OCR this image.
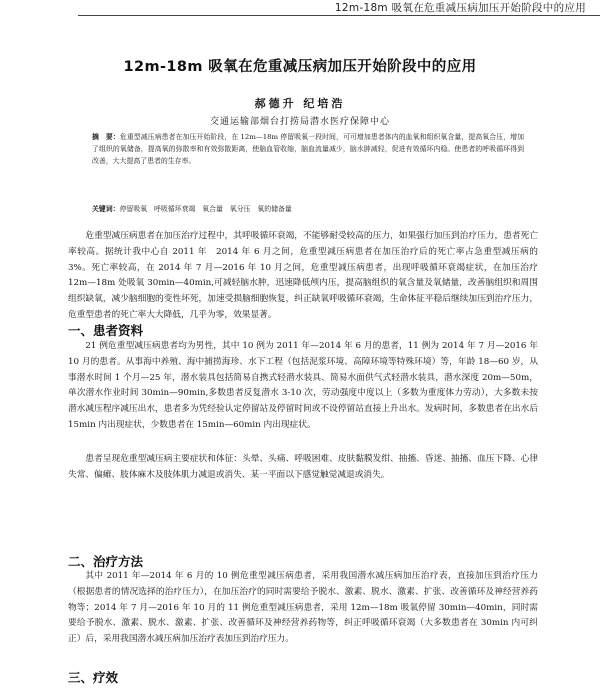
12m-18m 吸氧在危重减压病加压开始阶段中的应用
12m-18m 吸氧在危重减压病加压开始阶段中的应用
郝德升 纪培浩
交通运输部烟台打捞局潜水医疗保障中心
摘　要：危重型减压病患者在加压开始阶段，在 12m—18m 停留吸氧一段时间，可可增加患者体内的血氧和组织氧含量，提高氧合压，增加了组织的氧储备，提高氧的弥散率和有效弥散距离，使脑血管收缩，脑血流量减少，脑水肿减轻，促进有效循环内稳。使患者的呼吸循环得到改善，大大提高了患者的生存率。
关键词：停留吸氧　呼吸循环衰竭　氧合量　氧分压　氧的储备量

危重型减压病患者在加压治疗过程中，其呼吸循环衰竭，不能够耐受较高的压力，如果强行加压到治疗压力，患者死亡率较高。据统计我中心自 2011 年　2014 年 6 月之间，危重型减压病患者在加压治疗后的死亡率占急重型减压病的 3%。死亡率较高，在 2014 年 7 月—2016 年 10 月之间，危重型减压病患者，出现呼吸循环衰竭症状，在加压治疗 12m—18m 处吸氧 30min—40min,可减轻脑水肿，迅速降低颅内压，提高脑组织的氧含量及氧储量，改善脑组织和周围组织缺氧，减少脑细胞的变性坏死，加速受损脑细胞恢复，纠正缺氧呼吸循环衰竭，生命体征平稳后继续加压到治疗压力，危重型患者的死亡率大大降低，几乎为零，效果显著。

一、患者资料

21 例危重型减压病患者均为男性，其中 10 例为 2011 年—2014 年 6 月的患者，11 例为 2014 年 7 月—2016 年 10 月的患者。从事海中养殖、海中捕捞海珍、水下工程（包括泥浆环境、高障环境等特殊环境）等，年龄 18—60 岁，从事潜水时间 1 个月—25 年，潜水装具包括简易自携式轻潜水装具、简易水面供气式轻潜水装具，潜水深度 20m—50m，单次潜水作业时间 30min—90min,多数患者反复潜水 3-10 次，劳动强度中度以上（多数为重度体力劳动），大多数未按潜水减压程序减压出水，患者多为凭经验认定停留站及停留时间或不设停留站直接上升出水。发病时间，多数患者在出水后 15min 内出现症状，少数患者在 15min—60min 内出现症状。

患者呈现危重型减压病主要症状和体征：头晕、头痛、呼吸困难、皮肤黏膜发绀、抽搐、昏迷、抽搐、血压下降、心律失常、偏瘫、肢体麻木及肢体肌力减退或消失、某一平面以下感觉触觉减退或消失。

二、治疗方法

其中 2011 年—2014 年 6 月的 10 例危重型减压病患者，采用我国潜水减压病加压治疗表，直接加压到治疗压力（根据患者的情况选择的治疗压力），在加压治疗的同时需要给予脱水、激素、脱水、激素、扩张、改善循环及神经营养药物等；2014 年 7 月—2016 年 10 月的 11 例危重型减压病患者，采用 12m—18m 吸氧停留 30min—40min，同时需要给予脱水、激素、脱水、激素、扩张、改善循环及神经营养药物等，纠正呼吸循环衰竭（大多数患者在 30min 内可纠正）后，采用我国潜水减压病加压治疗表加压到治疗压力。

三、疗效
